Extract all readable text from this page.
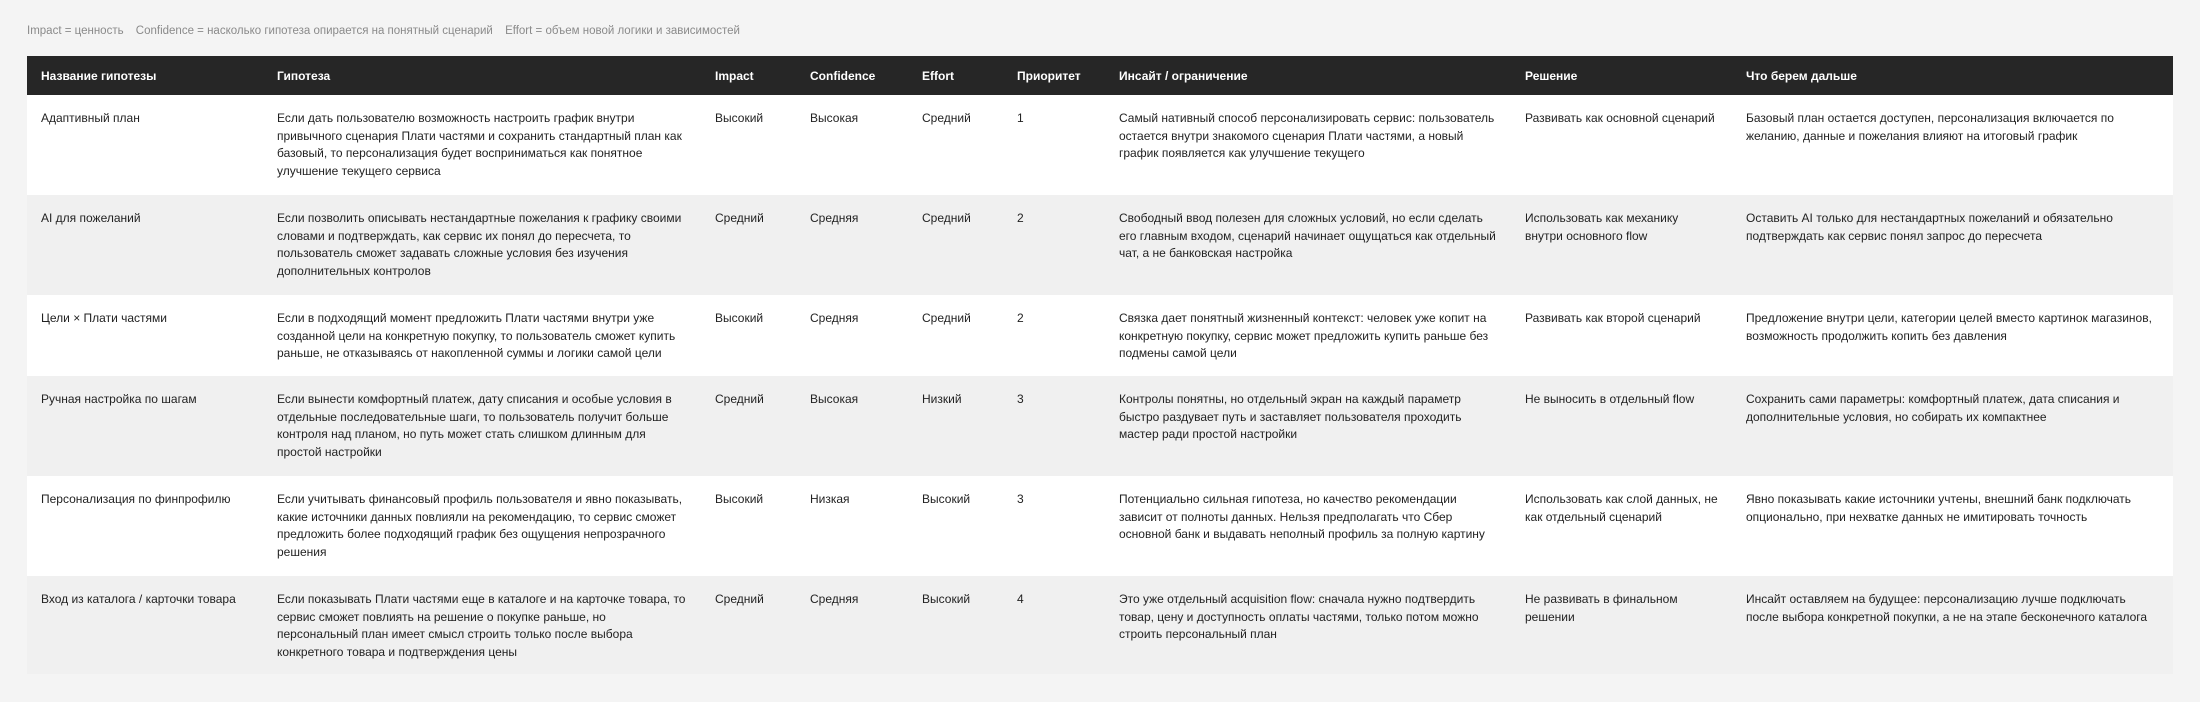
Impact = ценность Confidence = насколько гипотеза опирается на понятный сценарий Effort = объем новой логики и зависимостей
Название гипотезы	Гипотеза	Impact	Confidence	Effort	Приоритет	Инсайт / ограничение	Решение	Что берем дальше
Адаптивный план	Если дать пользователю возможность настроить график внутри привычного сценария Плати частями и сохранить стандартный план как базовый, то персонализация будет восприниматься как понятное улучшение текущего сервиса	Высокий	Высокая	Средний	1	Самый нативный способ персонализировать сервис: пользователь остается внутри знакомого сценария Плати частями, а новый график появляется как улучшение текущего	Развивать как основной сценарий	Базовый план остается доступен, персонализация включается по желанию, данные и пожелания влияют на итоговый график
AI для пожеланий	Если позволить описывать нестандартные пожелания к графику своими словами и подтверждать, как сервис их понял до пересчета, то пользователь сможет задавать сложные условия без изучения дополнительных контролов	Средний	Средняя	Средний	2	Свободный ввод полезен для сложных условий, но если сделать его главным входом, сценарий начинает ощущаться как отдельный чат, а не банковская настройка	Использовать как механику внутри основного flow	Оставить AI только для нестандартных пожеланий и обязательно подтверждать как сервис понял запрос до пересчета
Цели × Плати частями	Если в подходящий момент предложить Плати частями внутри уже созданной цели на конкретную покупку, то пользователь сможет купить раньше, не отказываясь от накопленной суммы и логики самой цели	Высокий	Средняя	Средний	2	Связка дает понятный жизненный контекст: человек уже копит на конкретную покупку, сервис может предложить купить раньше без подмены самой цели	Развивать как второй сценарий	Предложение внутри цели, категории целей вместо картинок магазинов, возможность продолжить копить без давления
Ручная настройка по шагам	Если вынести комфортный платеж, дату списания и особые условия в отдельные последовательные шаги, то пользователь получит больше контроля над планом, но путь может стать слишком длинным для простой настройки	Средний	Высокая	Низкий	3	Контролы понятны, но отдельный экран на каждый параметр быстро раздувает путь и заставляет пользователя проходить мастер ради простой настройки	Не выносить в отдельный flow	Сохранить сами параметры: комфортный платеж, дата списания и дополнительные условия, но собирать их компактнее
Персонализация по финпрофилю	Если учитывать финансовый профиль пользователя и явно показывать, какие источники данных повлияли на рекомендацию, то сервис сможет предложить более подходящий график без ощущения непрозрачного решения	Высокий	Низкая	Высокий	3	Потенциально сильная гипотеза, но качество рекомендации зависит от полноты данных. Нельзя предполагать что Сбер основной банк и выдавать неполный профиль за полную картину	Использовать как слой данных, не как отдельный сценарий	Явно показывать какие источники учтены, внешний банк подключать опционально, при нехватке данных не имитировать точность
Вход из каталога / карточки товара	Если показывать Плати частями еще в каталоге и на карточке товара, то сервис сможет повлиять на решение о покупке раньше, но персональный план имеет смысл строить только после выбора конкретного товара и подтверждения цены	Средний	Средняя	Высокий	4	Это уже отдельный acquisition flow: сначала нужно подтвердить товар, цену и доступность оплаты частями, только потом можно строить персональный план	Не развивать в финальном решении	Инсайт оставляем на будущее: персонализацию лучше подключать после выбора конкретной покупки, а не на этапе бесконечного каталога
